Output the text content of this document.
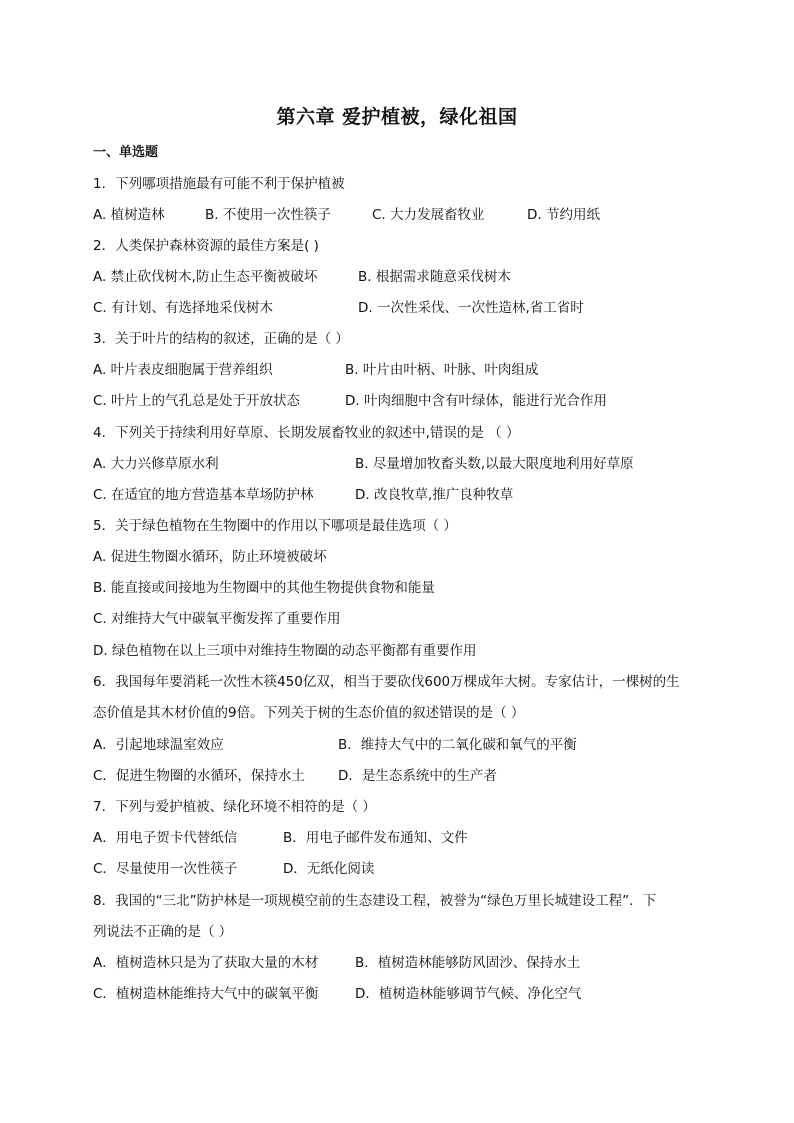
第六章 爱护植被，绿化祖国
一、单选题
1．下列哪项措施最有可能不利于保护植被
A. 植树造林	B. 不使用一次性筷子	C. 大力发展畜牧业	D. 节约用纸
2．人类保护森林资源的最佳方案是( )
A. 禁止砍伐树木,防止生态平衡被破坏	B. 根据需求随意采伐树木
C. 有计划、有选择地采伐树木	D. 一次性采伐、一次性造林,省工省时
3．关于叶片的结构的叙述，正确的是（ ）
A. 叶片表皮细胞属于营养组织	B. 叶片由叶柄、叶脉、叶肉组成
C. 叶片上的气孔总是处于开放状态	D. 叶肉细胞中含有叶绿体，能进行光合作用
4．下列关于持续利用好草原、长期发展畜牧业的叙述中,错误的是 （ ）
A. 大力兴修草原水利	B. 尽量增加牧畜头数,以最大限度地利用好草原
C. 在适宜的地方营造基本草场防护林	D. 改良牧草,推广良种牧草
5．关于绿色植物在生物圈中的作用以下哪项是最佳选项（ ）
A. 促进生物圈水循环，防止环境被破坏
B. 能直接或间接地为生物圈中的其他生物提供食物和能量
C. 对维持大气中碳氧平衡发挥了重要作用
D. 绿色植物在以上三项中对维持生物圈的动态平衡都有重要作用
6．我国每年要消耗一次性木筷450亿双，相当于要砍伐600万棵成年大树。专家估计，一棵树的生
态价值是其木材价值的9倍。下列关于树的生态价值的叙述错误的是（ ）
A．引起地球温室效应	B．维持大气中的二氧化碳和氧气的平衡
C．促进生物圈的水循环，保持水土 D．是生态系统中的生产者
7．下列与爱护植被、绿化环境不相符的是（ ）
A．用电子贺卡代替纸信	B．用电子邮件发布通知、文件
C．尽量使用一次性筷子	D．无纸化阅读
8．我国的“三北”防护林是一项规模空前的生态建设工程，被誉为“绿色万里长城建设工程”．下
列说法不正确的是（ ）
A．植树造林只是为了获取大量的木材	B．植树造林能够防风固沙、保持水土
C．植树造林能维持大气中的碳氧平衡	D．植树造林能够调节气候、净化空气
